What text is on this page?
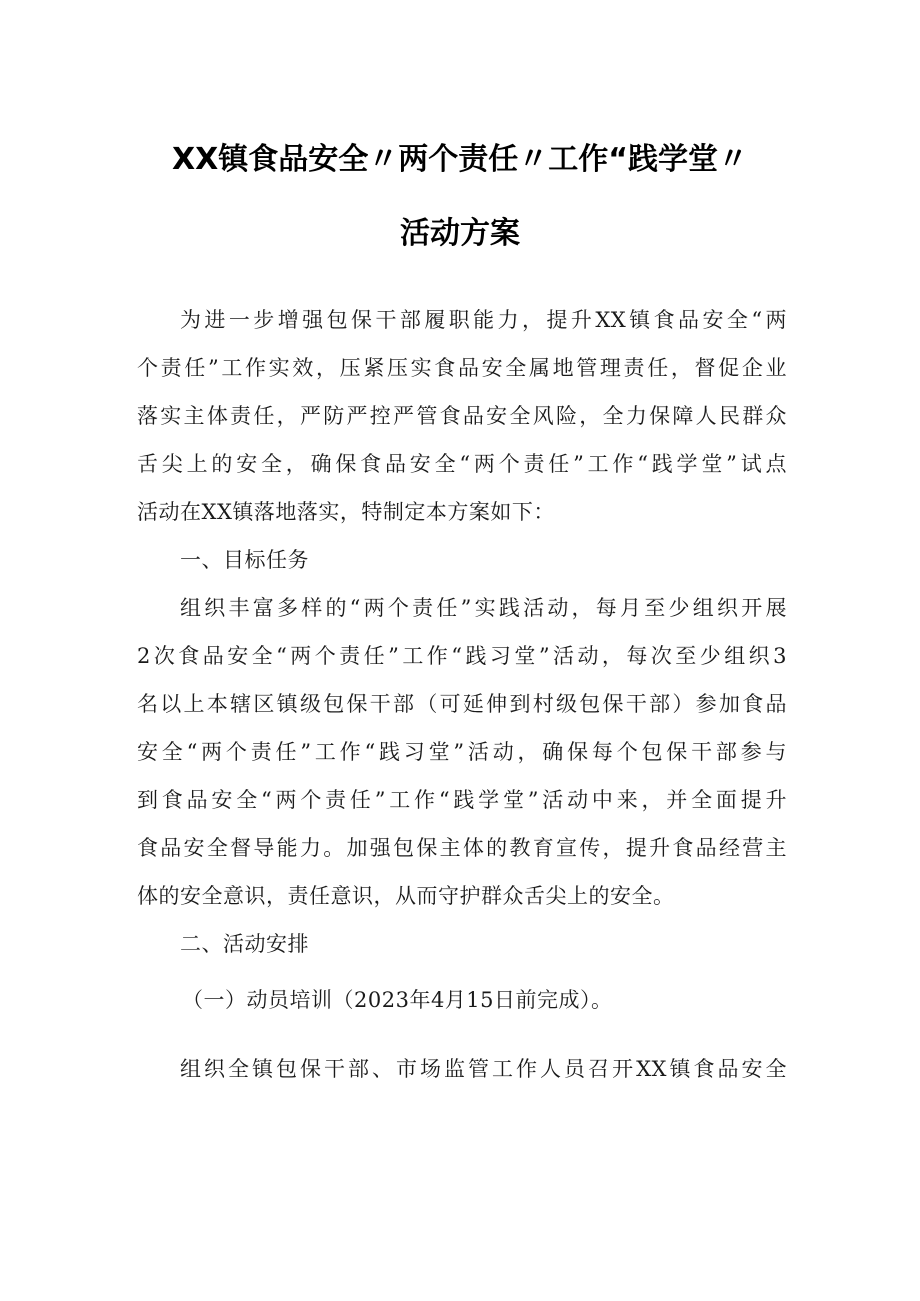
XX镇食品安全〃两个责任〃工作“践学堂〃
活动方案
为进一步增强包保干部履职能力，提升XX镇食品安全“两
个责任”工作实效，压紧压实食品安全属地管理责任，督促企业
落实主体责任，严防严控严管食品安全风险，全力保障人民群众
舌尖上的安全，确保食品安全“两个责任”工作“践学堂”试点
活动在XX镇落地落实，特制定本方案如下：
一、目标任务
组织丰富多样的“两个责任”实践活动，每月至少组织开展
2次食品安全“两个责任”工作“践习堂”活动，每次至少组织3
名以上本辖区镇级包保干部（可延伸到村级包保干部）参加食品
安全“两个责任”工作“践习堂”活动，确保每个包保干部参与
到食品安全“两个责任”工作“践学堂”活动中来，并全面提升
食品安全督导能力。加强包保主体的教育宣传，提升食品经营主
体的安全意识，责任意识，从而守护群众舌尖上的安全。
二、活动安排
（一）动员培训（2023年4月15日前完成）。
组织全镇包保干部、市场监管工作人员召开XX镇食品安全
